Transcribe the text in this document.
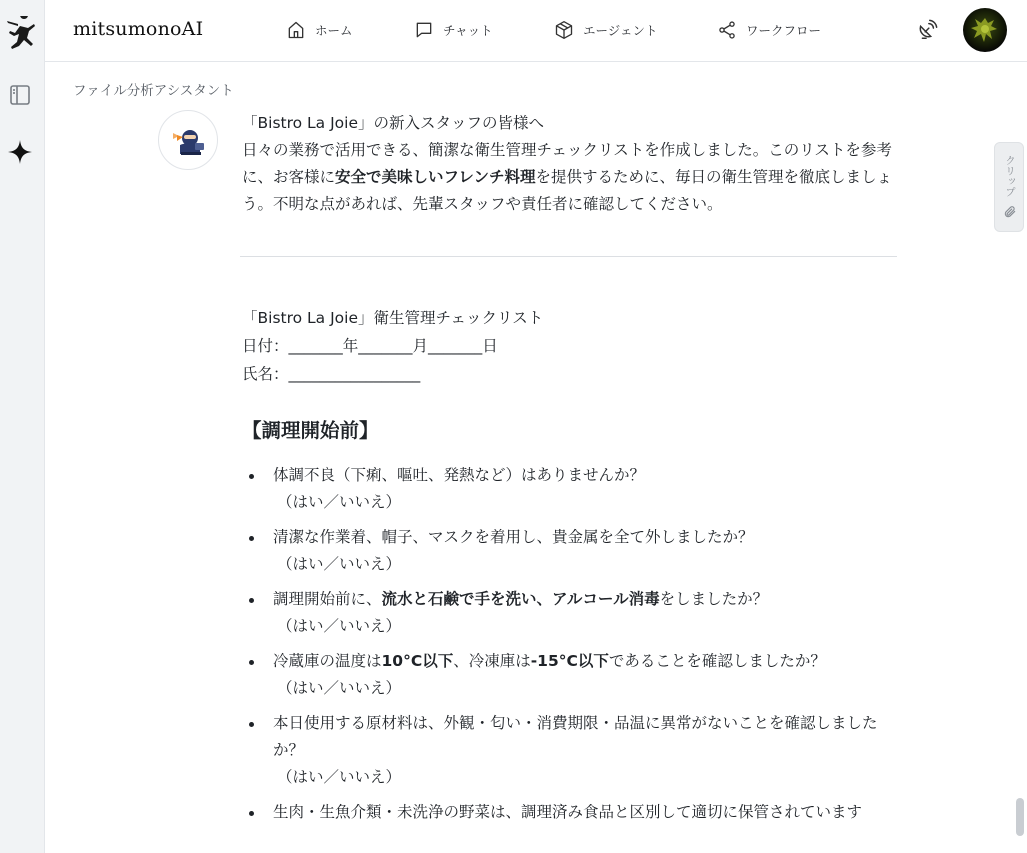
mitsumonoAI	ホーム	チャット	エージェント	ワークフロー
ファイル分析アシスタント

「Bistro La Joie」の新入スタッフの皆様へ

日々の業務で活用できる、簡潔な衛生管理チェックリストを作成しました。このリストを参考に、お客様に安全で美味しいフレンチ料理を提供するために、毎日の衛生管理を徹底しましょう。不明な点があれば、先輩スタッフや責任者に確認してください。

「Bistro La Joie」衛生管理チェックリスト

日付：_______年_______月_______日

氏名：_________________

【調理開始前】
体調不良（下痢、嘔吐、発熱など）はありませんか？

（はい／いいえ）
清潔な作業着、帽子、マスクを着用し、貴金属を全て外しましたか？

（はい／いいえ）
調理開始前に、流水と石鹸で手を洗い、アルコール消毒をしましたか？

（はい／いいえ）
冷蔵庫の温度は10°C以下、冷凍庫は-15°C以下であることを確認しましたか？

（はい／いいえ）
本日使用する原材料は、外観・匂い・消費期限・品温に異常がないことを確認しましたか？

（はい／いいえ）
生肉・生魚介類・未洗浄の野菜は、調理済み食品と区別して適切に保管されています
クリップ
